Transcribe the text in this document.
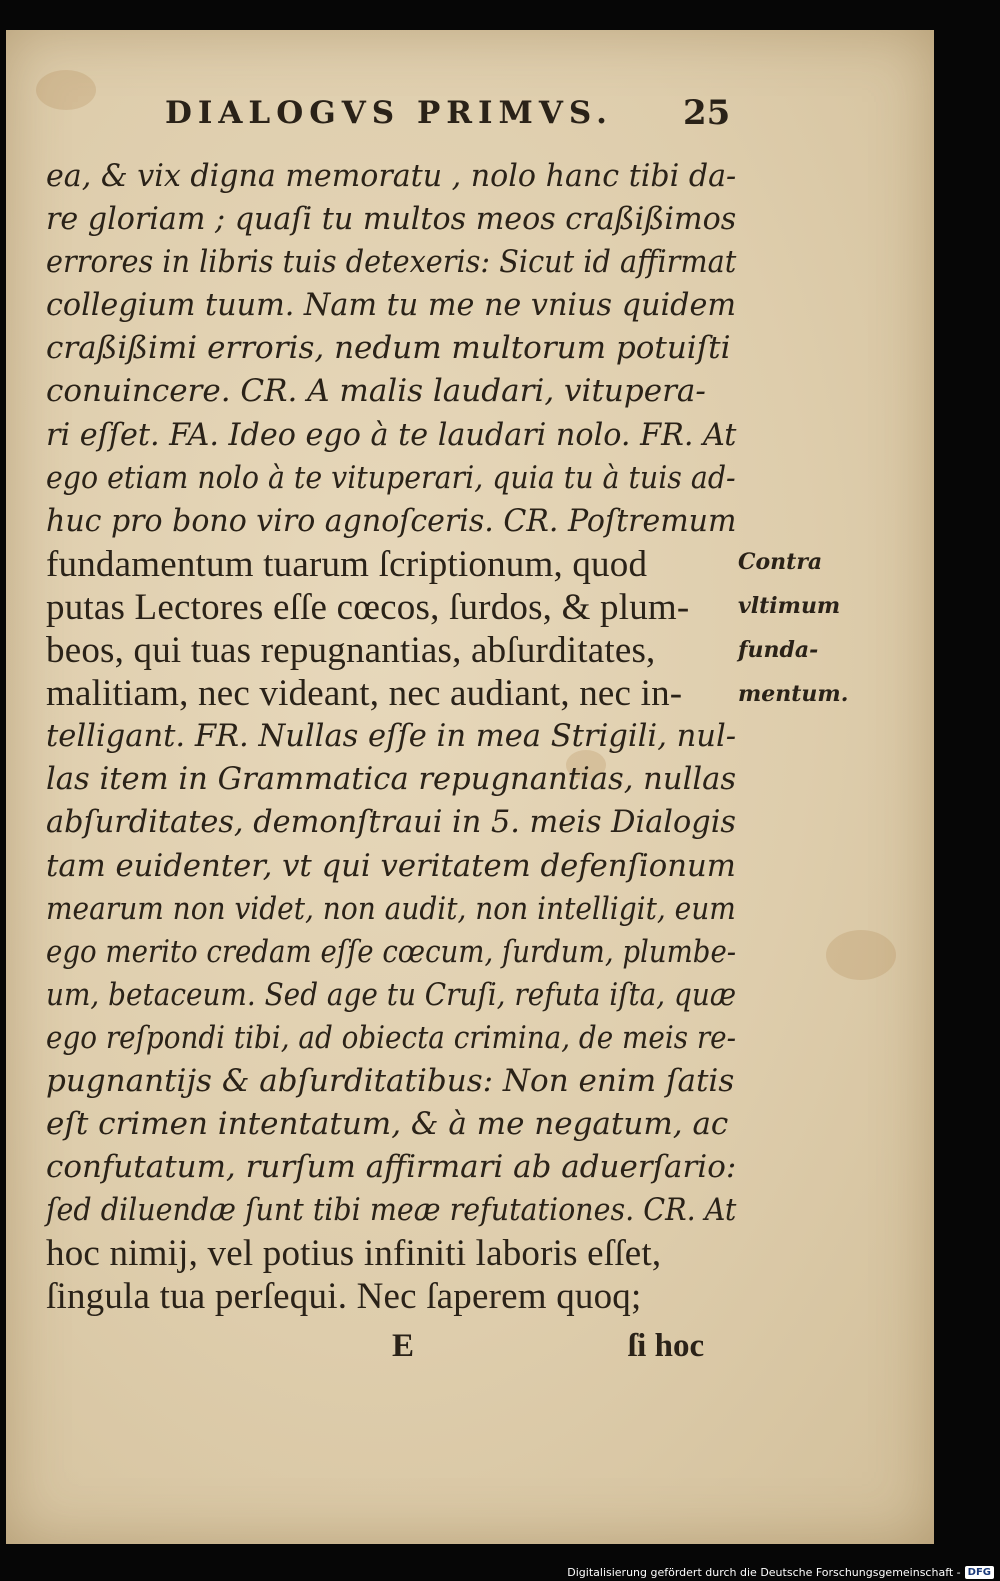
DIALOGVS PRIMVS. 25
ea, & vix digna memoratu , nolo hanc tibi da-
re gloriam ; quaſi tu multos meos craßißimos
errores in libris tuis detexeris: Sicut id affirmat
collegium tuum. Nam tu me ne vnius quidem
craßißimi erroris, nedum multorum potuiſti
conuincere. CR. A malis laudari, vitupera-
ri eſſet. FA. Ideo ego à te laudari nolo. FR. At
ego etiam nolo à te vituperari, quia tu à tuis ad-
huc pro bono viro agnoſceris. CR. Poſtremum
fundamentum tuarum ſcriptionum, quod
putas Lectores eſſe cœcos, ſurdos, & plum-
beos, qui tuas repugnantias, abſurditates,
malitiam, nec videant, nec audiant, nec in-
telligant. FR. Nullas eſſe in mea Strigili, nul-
las item in Grammatica repugnantias, nullas
abſurditates, demonſtraui in 5. meis Dialogis
tam euidenter, vt qui veritatem defenſionum
mearum non videt, non audit, non intelligit, eum
ego merito credam eſſe cœcum, ſurdum, plumbe-
um, betaceum. Sed age tu Cruſi, refuta iſta, quæ
ego reſpondi tibi, ad obiecta crimina, de meis re-
pugnantijs & abſurditatibus: Non enim ſatis
eſt crimen intentatum, & à me negatum, ac
confutatum, rurſum affirmari ab aduerſario:
ſed diluendæ ſunt tibi meæ refutationes. CR. At
hoc nimij, vel potius infiniti laboris eſſet,
ſingula tua perſequi. Nec ſaperem quoq;
E	ſi hoc
Contra
vltimum
funda-
mentum.
Digitalisierung gefördert durch die Deutsche Forschungsgemeinschaft - DFG
